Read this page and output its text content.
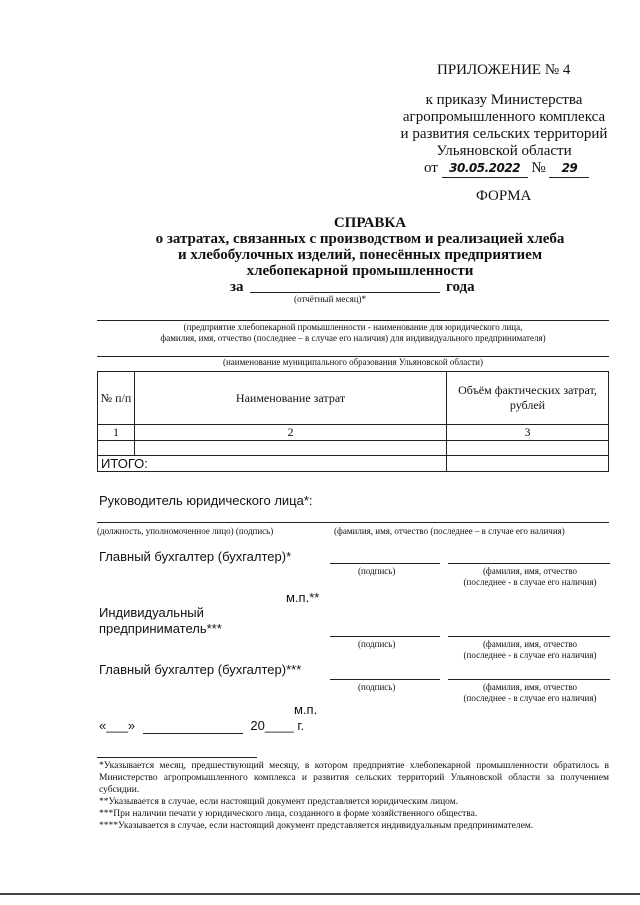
ПРИЛОЖЕНИЕ № 4
к приказу Министерства
агропромышленного комплекса
и развития сельских территорий
Ульяновской области
от 30.05.2022 № 29
ФОРМА
СПРАВКА
о затратах, связанных с производством и реализацией хлеба
и хлебобулочных изделий, понесённых предприятием
хлебопекарной промышленности
за	года
(отчётный месяц)*
(предприятие хлебопекарной промышленности - наименование для юридического лица,
фамилия, имя, отчество (последнее – в случае его наличия) для индивидуального предпринимателя)
(наименование муниципального образования Ульяновской области)
№ п/п	Наименование затрат	Объём фактических затрат, рублей
1	2	3

ИТОГО:		
Руководитель юридического лица*:
(должность, уполномоченное лицо) (подпись)	(фамилия, имя, отчество (последнее – в случае его наличия)
Главный бухгалтер (бухгалтер)*
(подпись)	(фамилия, имя, отчество
(последнее - в случае его наличия)
м.п.**
Индивидуальный
предприниматель***
(подпись)	(фамилия, имя, отчество
(последнее - в случае его наличия)
Главный бухгалтер (бухгалтер)***
(подпись)	(фамилия, имя, отчество
(последнее - в случае его наличия)
м.п.
«___»	20____ г.
*Указывается месяц, предшествующий месяцу, в котором предприятие хлебопекарной промышленности обратилось в Министерство агропромышленного комплекса и развития сельских территорий Ульяновской области за получением субсидии.
**Указывается в случае, если настоящий документ представляется юридическим лицом.
***При наличии печати у юридического лица, созданного в форме хозяйственного общества.
****Указывается в случае, если настоящий документ представляется индивидуальным предпринимателем.
